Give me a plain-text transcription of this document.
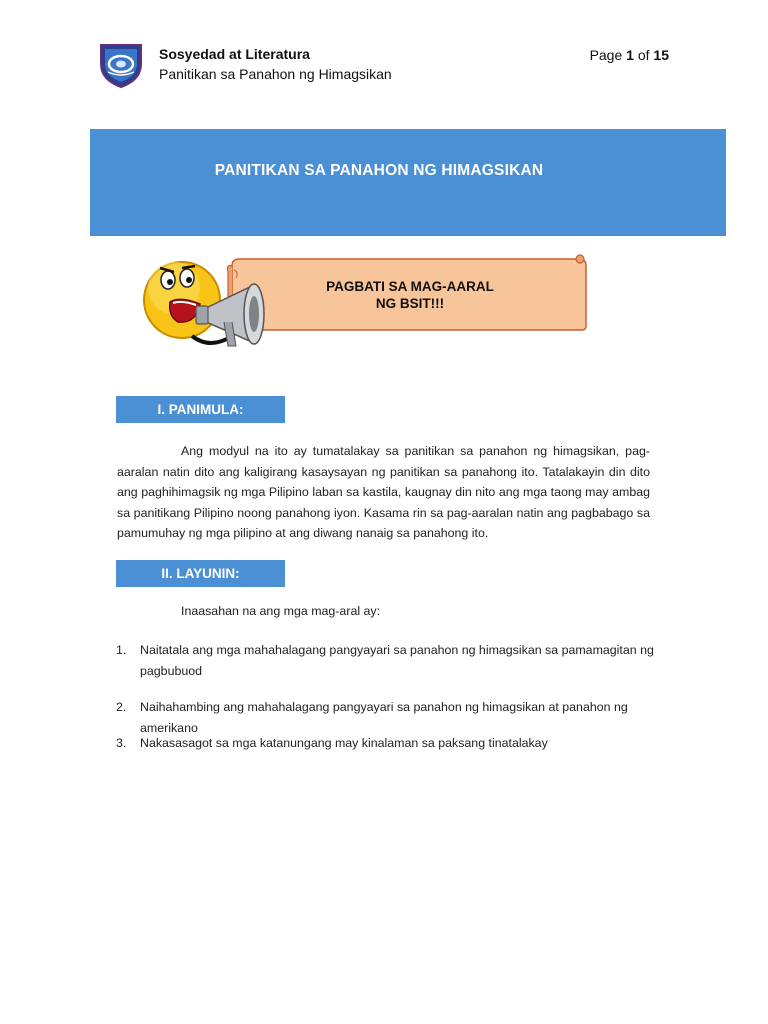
Sosyedad at Literatura
Panitikan sa Panahon ng Himagsikan
Page 1 of 15
PANITIKAN SA PANAHON NG HIMAGSIKAN
PAGBATI SA MAG-AARAL
NG BSIT!!!
I. PANIMULA:

Ang modyul na ito ay tumatalakay sa panitikan sa panahon ng himagsikan, pag-aaralan natin dito ang kaligirang kasaysayan ng panitikan sa panahong ito. Tatalakayin din dito ang paghihimagsik ng mga Pilipino laban sa kastila, kaugnay din nito ang mga taong may ambag sa panitikang Pilipino noong panahong iyon. Kasama rin sa pag-aaralan natin ang pagbabago sa pamumuhay ng mga pilipino at ang diwang nanaig sa panahong ito.

II. LAYUNIN:
Inaasahan na ang mga mag-aral ay:
1. Naitatala ang mga mahahalagang pangyayari sa panahon ng himagsikan sa pamamagitan ng pagbubuod
2. Naihahambing ang mahahalagang pangyayari sa panahon ng himagsikan at panahon ng amerikano
3. Nakasasagot sa mga katanungang may kinalaman sa paksang tinatalakay
